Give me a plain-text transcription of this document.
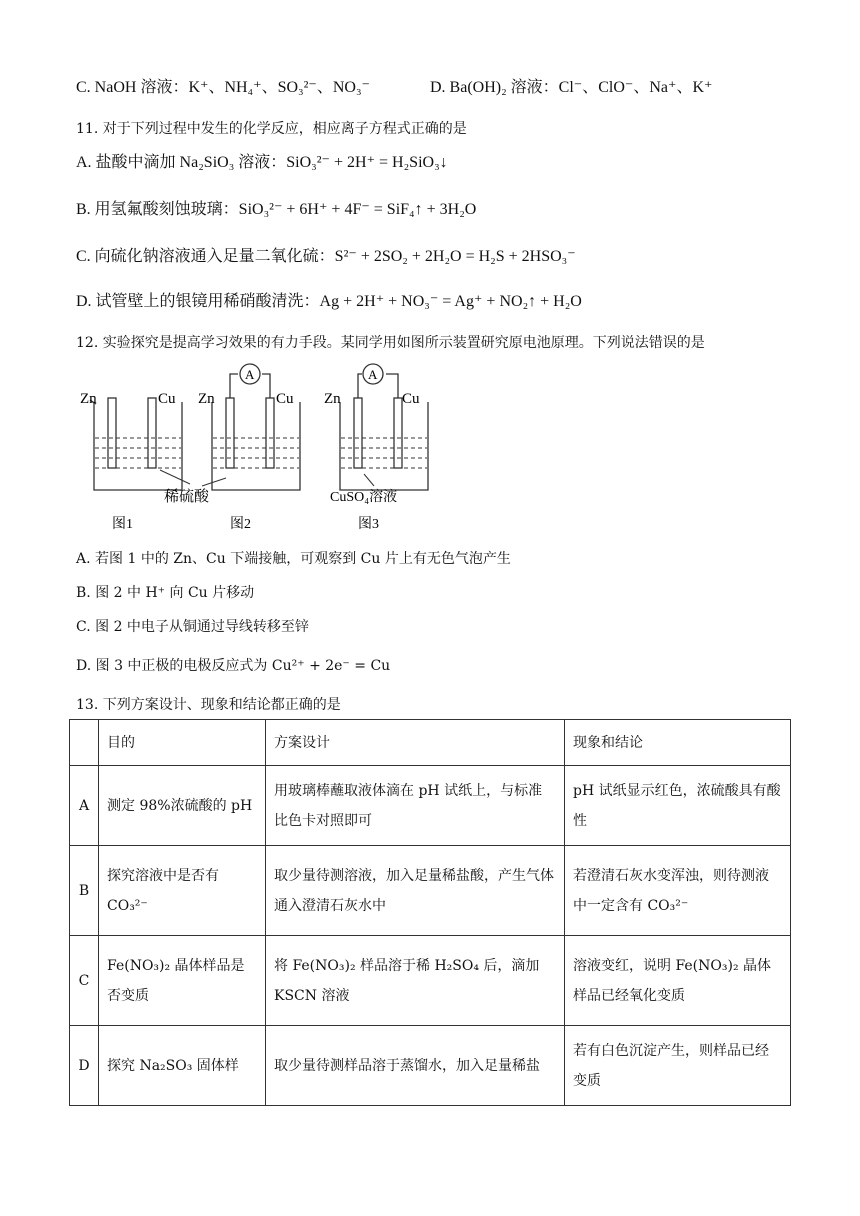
C. NaOH 溶液：K⁺、NH₄⁺、SO₃²⁻、NO₃⁻	D. Ba(OH)₂ 溶液：Cl⁻、ClO⁻、Na⁺、K⁺
11. 对于下列过程中发生的化学反应，相应离子方程式正确的是
A. 盐酸中滴加 Na₂SiO₃ 溶液：SiO₃²⁻ + 2H⁺ = H₂SiO₃↓
B. 用氢氟酸刻蚀玻璃：SiO₃²⁻ + 6H⁺ + 4F⁻ = SiF₄↑ + 3H₂O
C. 向硫化钠溶液通入足量二氧化硫：S²⁻ + 2SO₂ + 2H₂O = H₂S + 2HSO₃⁻
D. 试管壁上的银镜用稀硝酸清洗：Ag + 2H⁺ + NO₃⁻ = Ag⁺ + NO₂↑ + H₂O
12. 实验探究是提高学习效果的有力手段。某同学用如图所示装置研究原电池原理。下列说法错误的是
Zn	Cu
A
Zn	Cu
A
Zn	Cu
稀硫酸	CuSO₄溶液
图1	图2	图3
A. 若图 1 中的 Zn、Cu 下端接触，可观察到 Cu 片上有无色气泡产生
B. 图 2 中 H⁺ 向 Cu 片移动
C. 图 2 中电子从铜通过导线转移至锌
D. 图 3 中正极的电极反应式为 Cu²⁺ + 2e⁻ = Cu
13. 下列方案设计、现象和结论都正确的是
	目的	方案设计	现象和结论
A	测定 98%浓硫酸的 pH	用玻璃棒蘸取液体滴在 pH 试纸上，与标准比色卡对照即可	pH 试纸显示红色，浓硫酸具有酸性
B	探究溶液中是否有 CO₃²⁻	取少量待测溶液，加入足量稀盐酸，产生气体通入澄清石灰水中	若澄清石灰水变浑浊，则待测液中一定含有 CO₃²⁻
C	Fe(NO₃)₂ 晶体样品是否变质	将 Fe(NO₃)₂ 样品溶于稀 H₂SO₄ 后，滴加 KSCN 溶液	溶液变红，说明 Fe(NO₃)₂ 晶体样品已经氧化变质
D	探究 Na₂SO₃ 固体样	取少量待测样品溶于蒸馏水，加入足量稀盐	若有白色沉淀产生，则样品已经变质
